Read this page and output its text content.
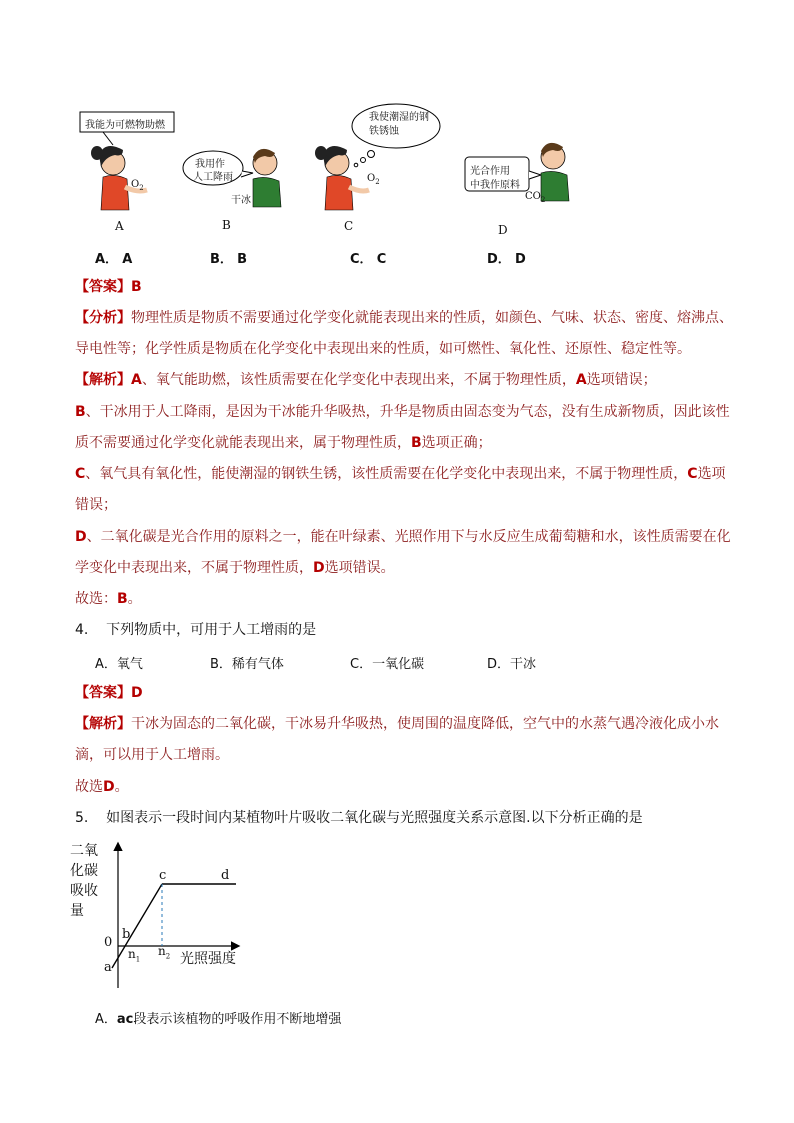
我能为可燃物助燃
我用作
人工降雨
我使潮湿的钢
铁锈蚀
光合作用
中我作原料
$O_2$
干冰
$O_2$
$CO_2$
A	B	C	D
A． A	B． B	C． C	D． D
【答案】B
【分析】物理性质是物质不需要通过化学变化就能表现出来的性质，如颜色、气味、状态、密度、熔沸点、
导电性等；化学性质是物质在化学变化中表现出来的性质，如可燃性、氧化性、还原性、稳定性等。
【解析】A、氧气能助燃，该性质需要在化学变化中表现出来，不属于物理性质，A选项错误；
B、干冰用于人工降雨，是因为干冰能升华吸热，升华是物质由固态变为气态，没有生成新物质，因此该性
质不需要通过化学变化就能表现出来，属于物理性质，B选项正确；
C、氧气具有氧化性，能使潮湿的钢铁生锈，该性质需要在化学变化中表现出来，不属于物理性质，C选项
错误；
D、二氧化碳是光合作用的原料之一，能在叶绿素、光照作用下与水反应生成葡萄糖和水，该性质需要在化
学变化中表现出来，不属于物理性质，D选项错误。
故选：B。
4. 下列物质中，可用于人工增雨的是
A．氧气	B．稀有气体	C．一氧化碳	D．干冰
【答案】D
【解析】干冰为固态的二氧化碳，干冰易升华吸热，使周围的温度降低，空气中的水蒸气遇冷液化成小水
滴，可以用于人工增雨。
故选D。
5. 如图表示一段时间内某植物叶片吸收二氧化碳与光照强度关系示意图.以下分析正确的是
二氧
化碳
吸收
量
0
a
b
c	d
$n_1$
$n_2$ 光照强度
A．ac段表示该植物的呼吸作用不断地增强
